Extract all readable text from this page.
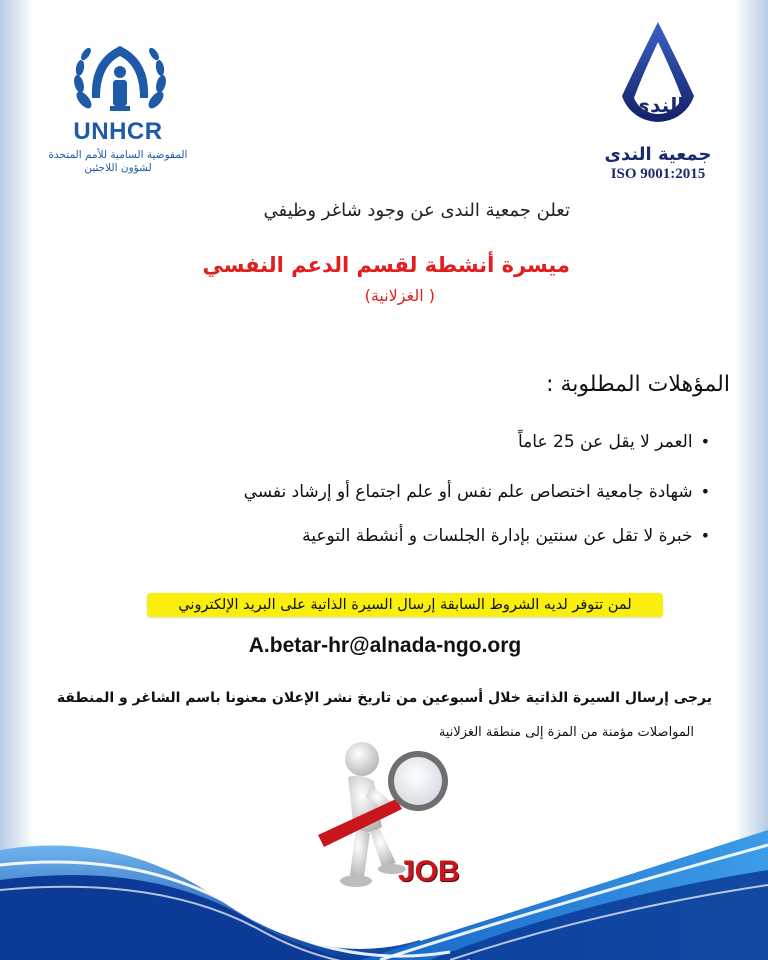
UNHCR
المفوضية السامية للأمم المتحدة
لشؤون اللاجئين
الندى
جمعية الندى
ISO 9001:2015
تعلن جمعية الندى عن وجود شاغر وظيفي
ميسرة أنشطة لقسم الدعم النفسي
( الغزلانية)
المؤهلات المطلوبة :
•العمر لا يقل عن 25 عاماً
•شهادة جامعية اختصاص علم نفس أو علم اجتماع أو إرشاد نفسي
•خبرة لا تقل عن سنتين بإدارة الجلسات و أنشطة التوعية
لمن تتوفر لديه الشروط السابقة إرسال السيرة الذاتية على البريد الإلكتروني
A.betar-hr@alnada-ngo.org
يرجى إرسال السيرة الذاتية خلال أسبوعين من تاريخ نشر الإعلان معنونا باسم الشاغر و المنطقة
المواصلات مؤمنة من المزة إلى منطقة الغزلانية
JOB
